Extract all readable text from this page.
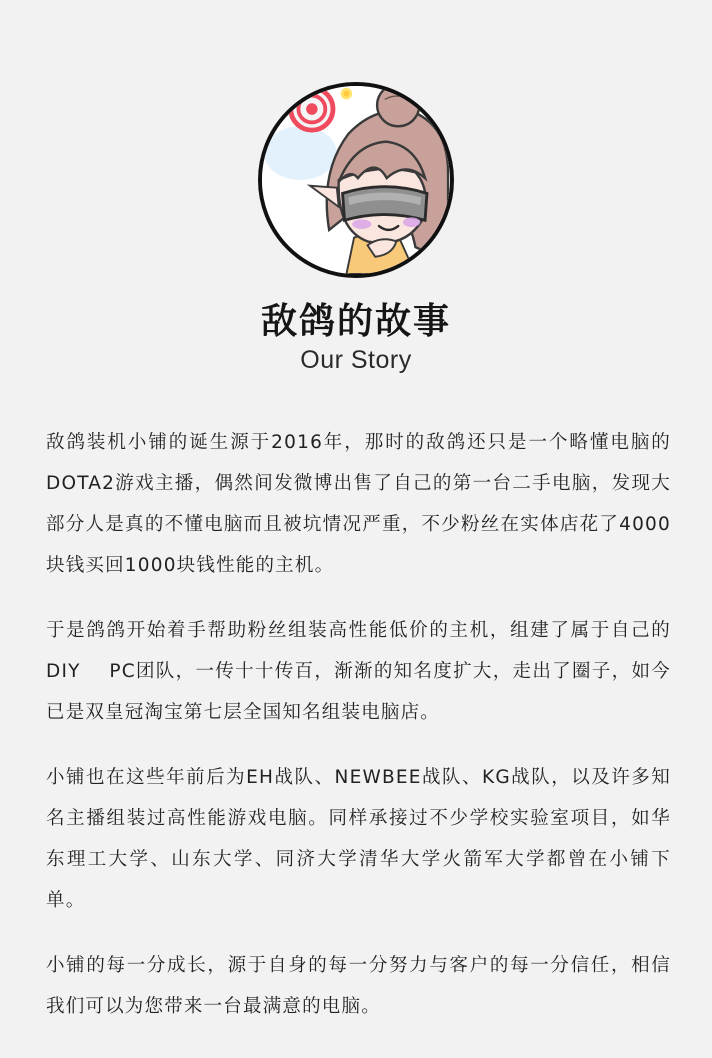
敌鸽的故事
Our Story

敌鸽装机小铺的诞生源于2016年，那时的敌鸽还只是一个略懂电脑的DOTA2游戏主播，偶然间发微博出售了自己的第一台二手电脑，发现大部分人是真的不懂电脑而且被坑情况严重，不少粉丝在实体店花了4000块钱买回1000块钱性能的主机。

于是鸽鸽开始着手帮助粉丝组装高性能低价的主机，组建了属于自己的DIY    PC团队，一传十十传百，渐渐的知名度扩大，走出了圈子，如今已是双皇冠淘宝第七层全国知名组装电脑店。

小铺也在这些年前后为EH战队、NEWBEE战队、KG战队，以及许多知名主播组装过高性能游戏电脑。同样承接过不少学校实验室项目，如华东理工大学、山东大学、同济大学清华大学火箭军大学都曾在小铺下单。

小铺的每一分成长，源于自身的每一分努力与客户的每一分信任，相信我们可以为您带来一台最满意的电脑。
